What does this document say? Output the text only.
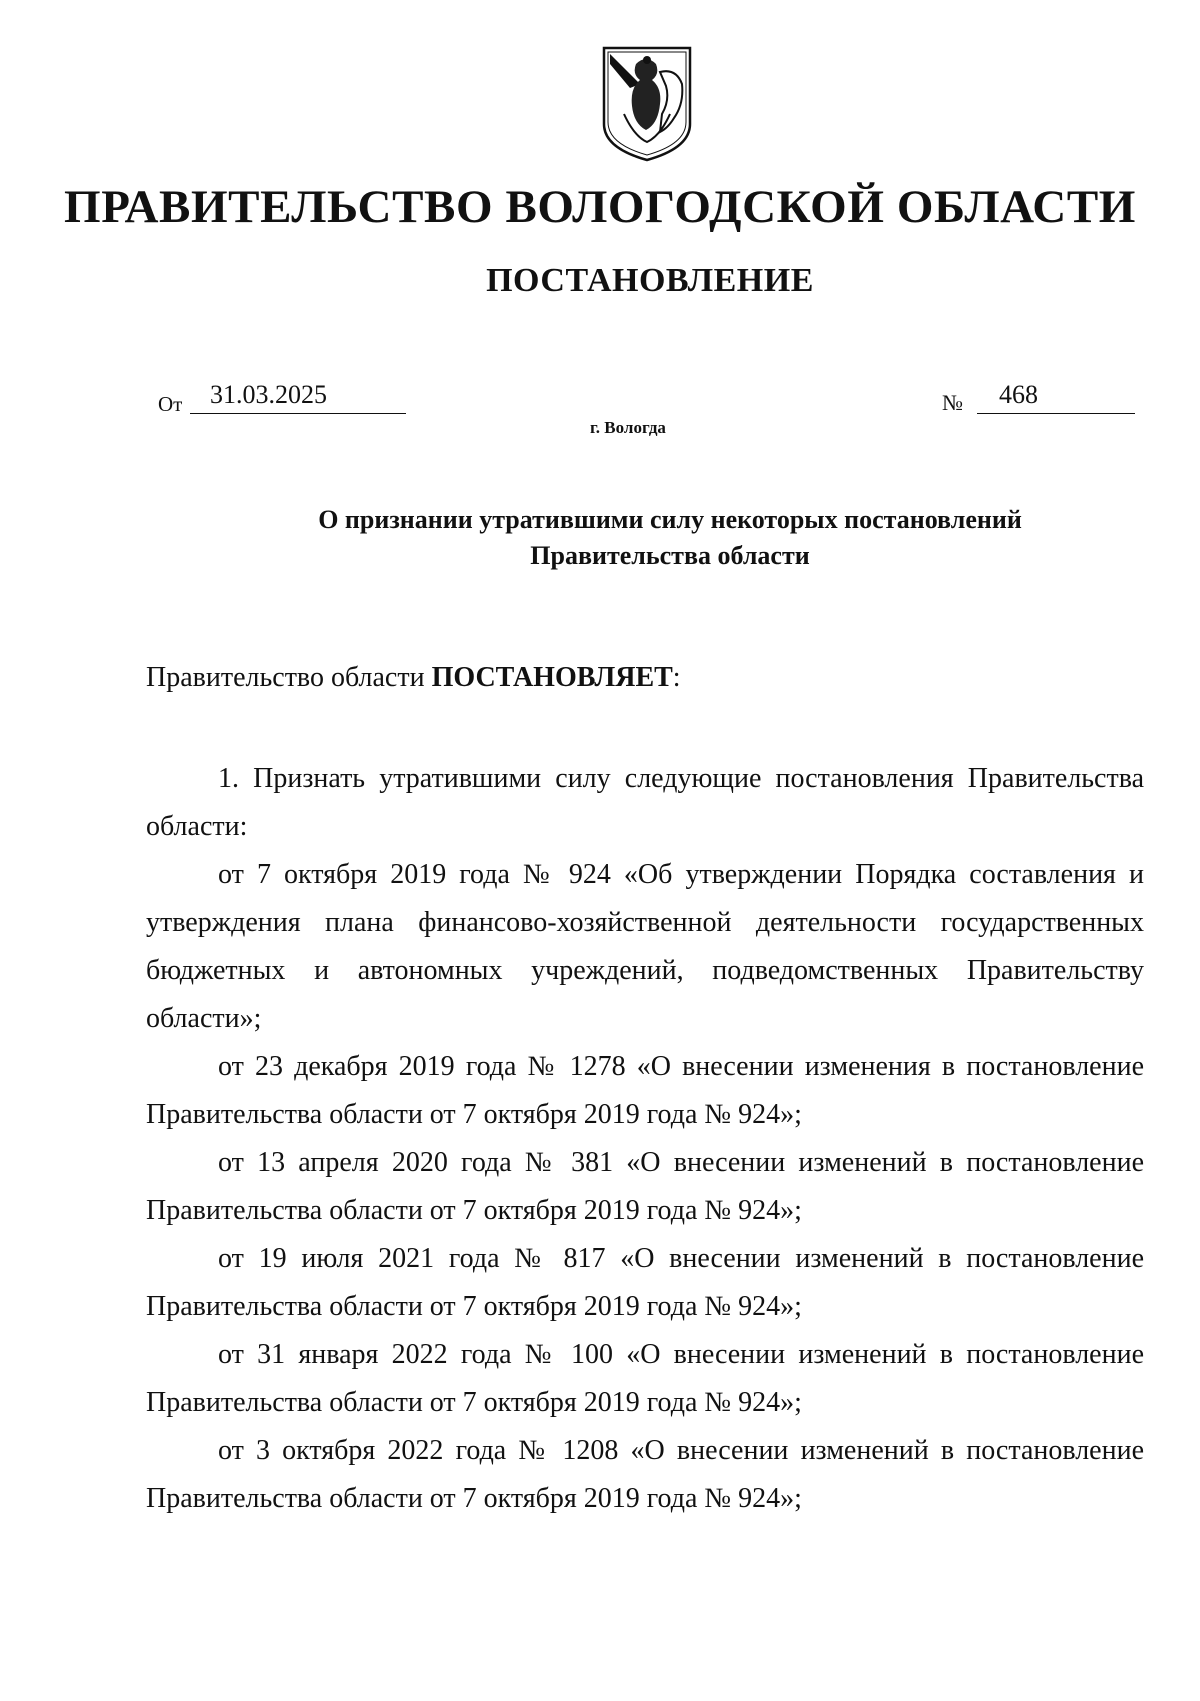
ПРАВИТЕЛЬСТВО ВОЛОГОДСКОЙ ОБЛАСТИ
ПОСТАНОВЛЕНИЕ
От	31.03.2025	№	468
г. Вологда
О признании утратившими силу некоторых постановлений
Правительства области
Правительство области ПОСТАНОВЛЯЕТ:

1. Признать утратившими силу следующие постановления Правительства области:

от 7 октября 2019 года № 924 «Об утверждении Порядка составления и утверждения плана финансово-хозяйственной деятельности государственных бюджетных и автономных учреждений, подведомственных Правительству области»;

от 23 декабря 2019 года № 1278 «О внесении изменения в постановление Правительства области от 7 октября 2019 года № 924»;

от 13 апреля 2020 года № 381 «О внесении изменений в постановление Правительства области от 7 октября 2019 года № 924»;

от 19 июля 2021 года № 817 «О внесении изменений в постановление Правительства области от 7 октября 2019 года № 924»;

от 31 января 2022 года № 100 «О внесении изменений в постановление Правительства области от 7 октября 2019 года № 924»;

от 3 октября 2022 года № 1208 «О внесении изменений в постановление Правительства области от 7 октября 2019 года № 924»;
